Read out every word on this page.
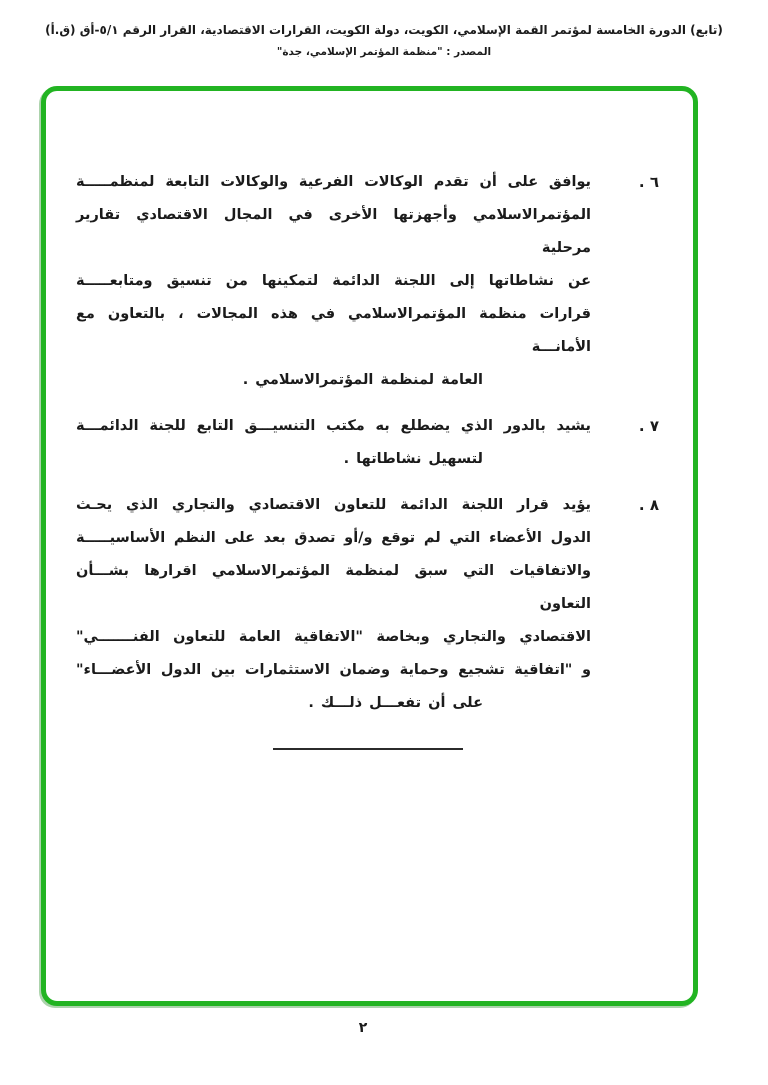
(تابع) الدورة الخامسة لمؤتمر القمة الإسلامي، الكويت، دولة الكويت، القرارات الاقتصادية، القرار الرقم ٥/١-أق (ق.أ)
المصدر : "منظمة المؤتمر الإسلامي، جدة"
٦ .
يوافق على أن تقدم الوكالات الفرعية والوكالات التابعة لمنظمـــــة
المؤتمرالاسلامي وأجهزتها الأخرى في المجال الاقتصادي تقارير مرحلية
عن نشاطاتها إلى اللجنة الدائمة لتمكينها من تنسيق ومتابعـــــة
قرارات منظمة المؤتمرالاسلامي في هذه المجالات ، بالتعاون مع الأمانـــة
العامة لمنظمة المؤتمرالاسلامي .
٧ .
يشيد بالدور الذي يضطلع به مكتب التنسيـــق التابع للجنة الدائمـــة
لتسهيل نشاطاتها .
٨ .
يؤيد قرار اللجنة الدائمة للتعاون الاقتصادي والتجاري الذي يحـث
الدول الأعضاء التي لم توقع و/أو تصدق بعد على النظم الأساسيـــــة
والاتفاقيات التي سبق لمنظمة المؤتمرالاسلامي اقرارها بشـــأن التعاون
الاقتصادي والتجاري وبخاصة "الاتفاقية العامة للتعاون الفنـــــــي"
و "اتفاقية تشجيع وحماية وضمان الاستثمارات بين الدول الأعضـــاء"
على أن تفعـــل ذلـــك .
٢
